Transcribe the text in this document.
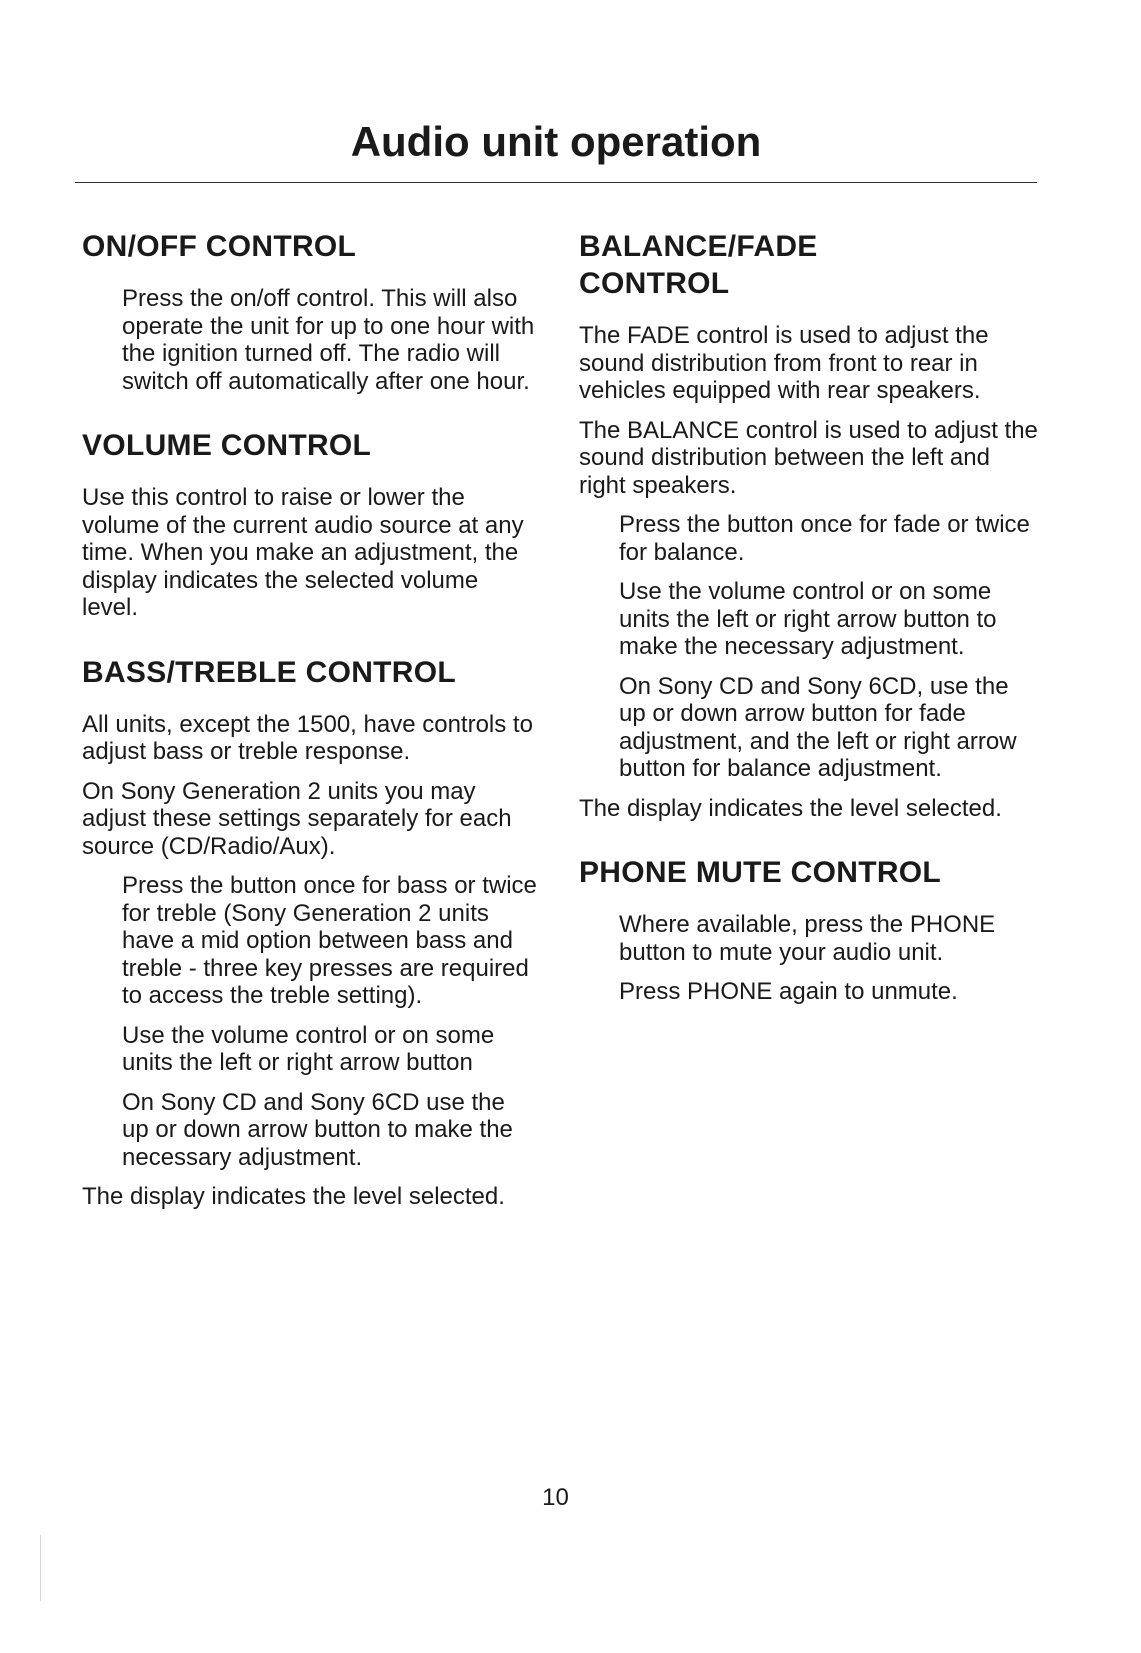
Audio unit operation
ON/OFF CONTROL

Press the on/off control. This will also operate the unit for up to one hour with the ignition turned off. The radio will switch off automatically after one hour.

VOLUME CONTROL

Use this control to raise or lower the volume of the current audio source at any time. When you make an adjustment, the display indicates the selected volume level.

BASS/TREBLE CONTROL

All units, except the 1500, have controls to adjust bass or treble response.

On Sony Generation 2 units you may adjust these settings separately for each source (CD/Radio/Aux).

Press the button once for bass or twice for treble (Sony Generation 2 units have a mid option between bass and treble - three key presses are required to access the treble setting).

Use the volume control or on some units the left or right arrow button

On Sony CD and Sony 6CD use the up or down arrow button to make the necessary adjustment.

The display indicates the level selected.

BALANCE/FADE CONTROL

The FADE control is used to adjust the sound distribution from front to rear in vehicles equipped with rear speakers.

The BALANCE control is used to adjust the sound distribution between the left and right speakers.

Press the button once for fade or twice for balance.

Use the volume control or on some units the left or right arrow button to make the necessary adjustment.

On Sony CD and Sony 6CD, use the up or down arrow button for fade adjustment, and the left or right arrow button for balance adjustment.

The display indicates the level selected.

PHONE MUTE CONTROL

Where available, press the PHONE button to mute your audio unit.

Press PHONE again to unmute.

10
